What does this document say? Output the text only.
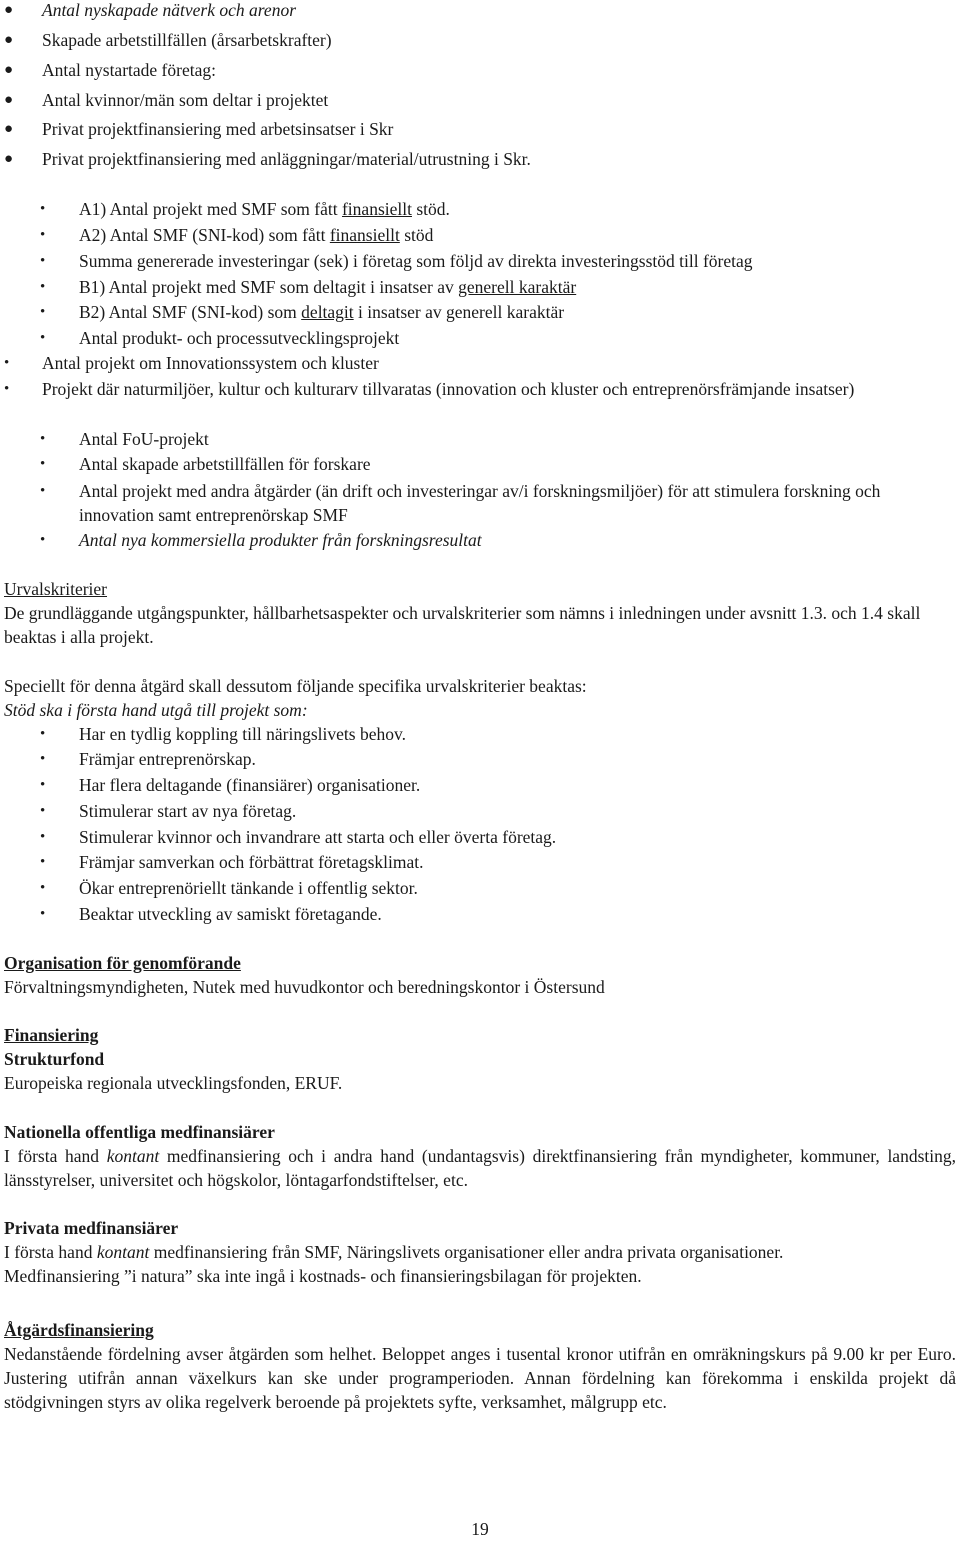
● Antal nyskapade nätverk och arenor
● Skapade arbetstillfällen (årsarbetskrafter)
● Antal nystartade företag:
● Antal kvinnor/män som deltar i projektet
● Privat projektfinansiering med arbetsinsatser i Skr
● Privat projektfinansiering med anläggningar/material/utrustning i Skr.
• A1) Antal projekt med SMF som fått finansiellt stöd.
• A2) Antal SMF (SNI-kod) som fått finansiellt stöd
• Summa genererade investeringar (sek) i företag som följd av direkta investeringsstöd till företag
• B1) Antal projekt med SMF som deltagit i insatser av generell karaktär
• B2) Antal SMF (SNI-kod) som deltagit i insatser av generell karaktär
• Antal produkt- och processutvecklingsprojekt
• Antal projekt om Innovationssystem och kluster
• Projekt där naturmiljöer, kultur och kulturarv tillvaratas (innovation och kluster och entreprenörsfrämjande insatser)
• Antal FoU-projekt
• Antal skapade arbetstillfällen för forskare
• Antal projekt med andra åtgärder (än drift och investeringar av/i forskningsmiljöer) för att stimulera forskning och innovation samt entreprenörskap SMF
• Antal nya kommersiella produkter från forskningsresultat
Urvalskriterier
De grundläggande utgångspunkter, hållbarhetsaspekter och urvalskriterier som nämns i inledningen under avsnitt 1.3. och 1.4 skall beaktas i alla projekt.
Speciellt för denna åtgärd skall dessutom följande specifika urvalskriterier beaktas:
Stöd ska i första hand utgå till projekt som:
• Har en tydlig koppling till näringslivets behov.
• Främjar entreprenörskap.
• Har flera deltagande (finansiärer) organisationer.
• Stimulerar start av nya företag.
• Stimulerar kvinnor och invandrare att starta och eller överta företag.
• Främjar samverkan och förbättrat företagsklimat.
• Ökar entreprenöriellt tänkande i offentlig sektor.
• Beaktar utveckling av samiskt företagande.
Organisation för genomförande
Förvaltningsmyndigheten, Nutek med huvudkontor och beredningskontor i Östersund
Finansiering
Strukturfond
Europeiska regionala utvecklingsfonden, ERUF.
Nationella offentliga medfinansiärer
I första hand kontant medfinansiering och i andra hand (undantagsvis) direktfinansiering från myndigheter, kommuner, landsting, länsstyrelser, universitet och högskolor, löntagarfondstiftelser, etc.
Privata medfinansiärer
I första hand kontant medfinansiering från SMF, Näringslivets organisationer eller andra privata organisationer.
Medfinansiering ”i natura” ska inte ingå i kostnads- och finansieringsbilagan för projekten.
Åtgärdsfinansiering
Nedanstående fördelning avser åtgärden som helhet. Beloppet anges i tusental kronor utifrån en omräkningskurs på 9.00 kr per Euro. Justering utifrån annan växelkurs kan ske under programperioden. Annan fördelning kan förekomma i enskilda projekt då stödgivningen styrs av olika regelverk beroende på projektets syfte, verksamhet, målgrupp etc.
19
